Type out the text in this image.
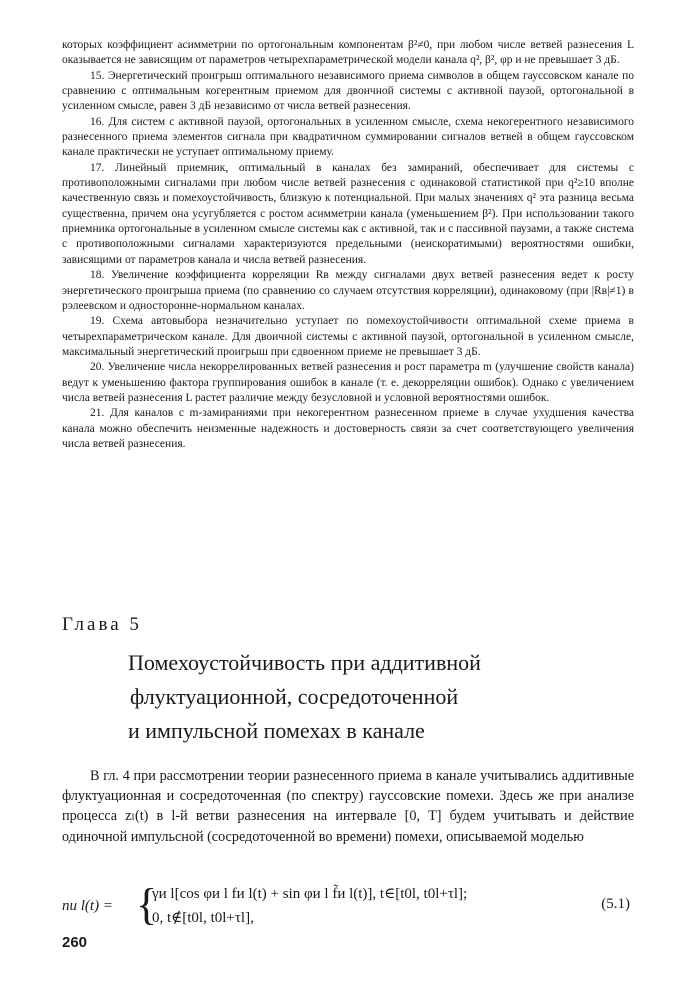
которых коэффициент асимметрии по ортогональным компонентам β²≠0, при любом числе ветвей разнесения L оказывается не зависящим от параметров четырехпараметрической модели канала q², β², φр и не превышает 3 дБ.

15. Энергетический проигрыш оптимального независимого приема символов в общем гауссовском канале по сравнению с оптимальным когерентным приемом для двоичной системы с активной паузой, ортогональной в усиленном смысле, равен 3 дБ независимо от числа ветвей разнесения.

16. Для систем с активной паузой, ортогональных в усиленном смысле, схема некогерентного независимого разнесенного приема элементов сигнала при квадратичном суммировании сигналов ветвей в общем гауссовском канале практически не уступает оптимальному приему.

17. Линейный приемник, оптимальный в каналах без замираний, обеспечивает для системы с противоположными сигналами при любом числе ветвей разнесения с одинаковой статистикой при q²≥10 вполне качественную связь и помехоустойчивость, близкую к потенциальной. При малых значениях q² эта разница весьма существенна, причем она усугубляется с ростом асимметрии канала (уменьшением β²). При использовании такого приемника ортогональные в усиленном смысле системы как с активной, так и с пассивной паузами, а также система с противоположными сигналами характеризуются предельными (неискоратимыми) вероятностями ошибки, зависящими от параметров канала и числа ветвей разнесения.

18. Увеличение коэффициента корреляции Rв между сигналами двух ветвей разнесения ведет к росту энергетического проигрыша приема (по сравнению со случаем отсутствия корреляции), одинаковому (при |Rв|≠1) в рэлеевском и односторонне-нормальном каналах.

19. Схема автовыбора незначительно уступает по помехоустойчивости оптимальной схеме приема в четырехпараметрическом канале. Для двоичной системы с активной паузой, ортогональной в усиленном смысле, максимальный энергетический проигрыш при сдвоенном приеме не превышает 3 дБ.

20. Увеличение числа некоррелированных ветвей разнесения и рост параметра m (улучшение свойств канала) ведут к уменьшению фактора группирования ошибок в канале (т. е. декорреляции ошибок). Однако с увеличением числа ветвей разнесения L растет различие между безусловной и условной вероятностями ошибок.

21. Для каналов с m-замираниями при некогерентном разнесенном приеме в случае ухудшения качества канала можно обеспечить неизменные надежность и достоверность связи за счет соответствующего увеличения числа ветвей разнесения.

Глава 5
Помехоустойчивость при аддитивной
флуктуационной, сосредоточенной
и импульсной помехах в канале

В гл. 4 при рассмотрении теории разнесенного приема в канале учитывались аддитивные флуктуационная и сосредоточенная (по спектру) гауссовские помехи. Здесь же при анализе процесса zₗ(t) в l-й ветви разнесения на интервале [0, T] будем учитывать и действие одиночной импульсной (сосредоточенной во времени) помехи, описываемой моделью

nи l(t) = {
γи l[cos φи l fи l(t) + sin φи l f̃и l(t)], t∈[t0l, t0l+τl];
0, t∉[t0l, t0l+τl],
(5.1)
260
